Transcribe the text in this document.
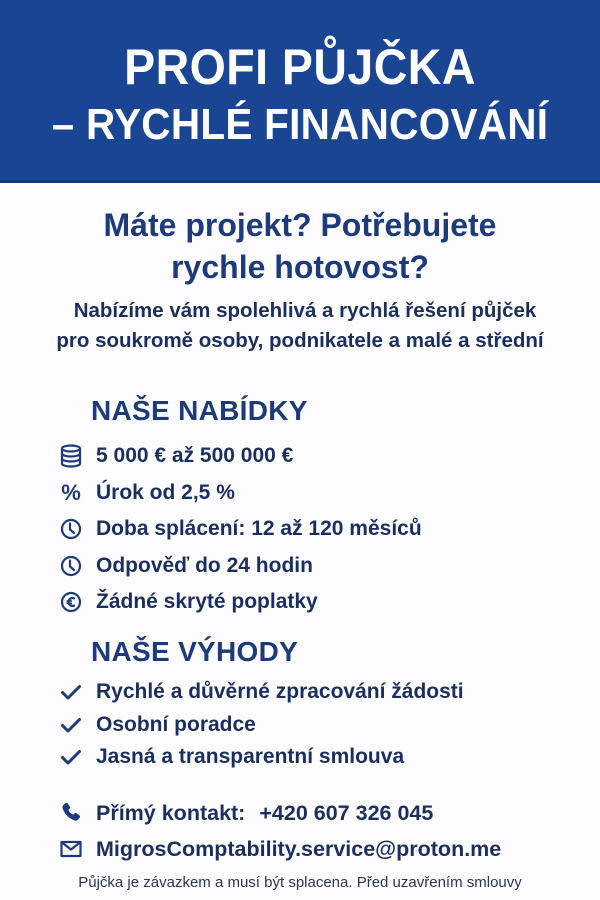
PROFI PŮJČKA
– RYCHLÉ FINANCOVÁNÍ
Máte projekt? Potřebujete
rychle hotovost?
Nabízíme vám spolehlivá a rychlá řešení půjček
pro soukromě osoby, podnikatele a malé a střední
NAŠE NABÍDKY
5 000 € až 500 000 €
% Úrok od 2,5 %
Doba splácení: 12 až 120 měsíců
Odpověď do 24 hodin
Žádné skryté poplatky
NAŠE VÝHODY
Rychlé a důvěrné zpracování žádosti
Osobní poradce
Jasná a transparentní smlouva
Přímý kontakt: +420 607 326 045
MigrosComptability.service@proton.me
Půjčka je závazkem a musí být splacena. Před uzavřením smlouvy
